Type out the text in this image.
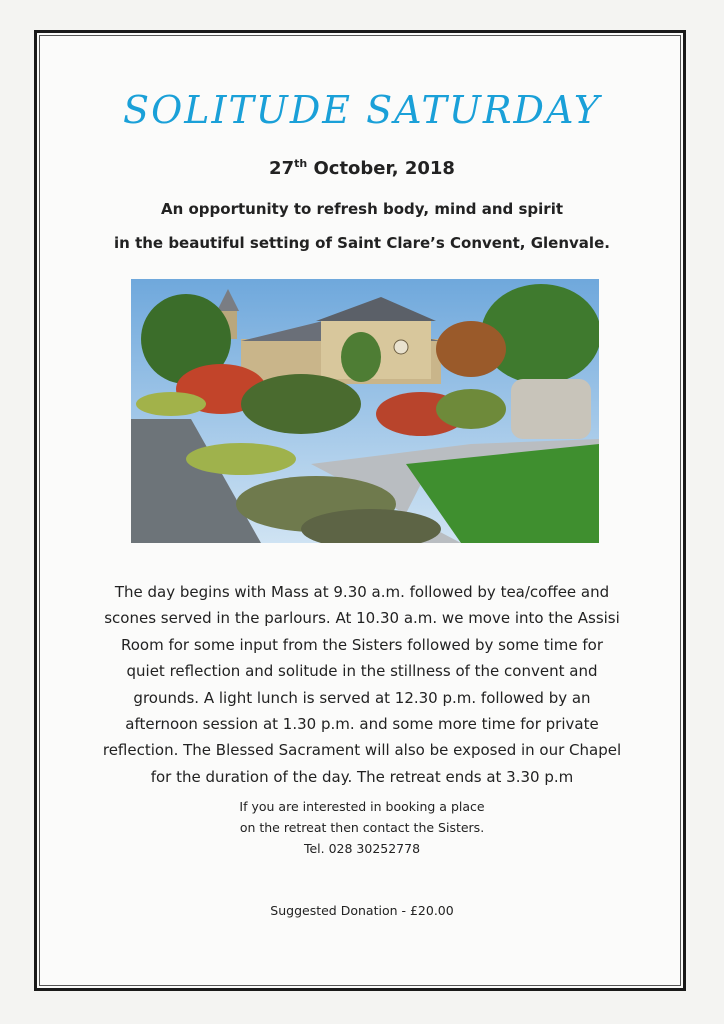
SOLITUDE SATURDAY
27th October, 2018
An opportunity to refresh body, mind and spirit
in the beautiful setting of Saint Clare’s Convent, Glenvale.
The day begins with Mass at 9.30 a.m. followed by tea/coffee and
scones served in the parlours. At 10.30 a.m. we move into the Assisi
Room for some input from the Sisters followed by some time for
quiet reflection and solitude in the stillness of the convent and
grounds. A light lunch is served at 12.30 p.m. followed by an
afternoon session at 1.30 p.m. and some more time for private
reflection. The Blessed Sacrament will also be exposed in our Chapel
for the duration of the day. The retreat ends at 3.30 p.m
If you are interested in booking a place
on the retreat then contact the Sisters.
Tel. 028 30252778
Suggested Donation - £20.00
